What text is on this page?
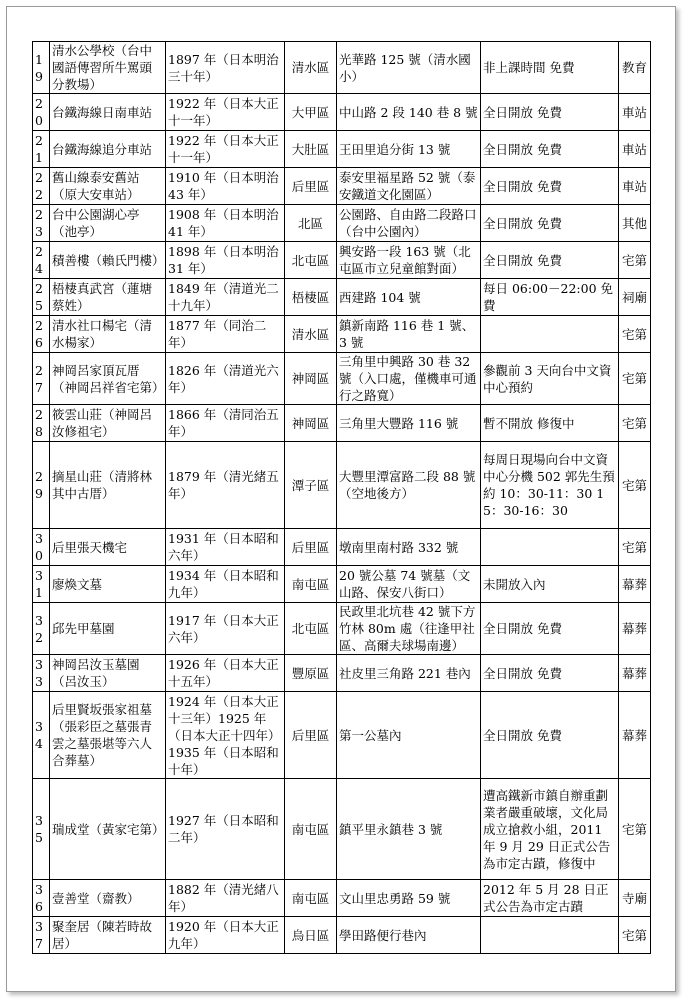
19	清水公學校（台中國語傳習所牛罵頭分教場）	1897 年（日本明治三十年）	清水區	光華路 125 號（清水國小）	非上課時間 免費	教育
20	台鐵海線日南車站	1922 年（日本大正十一年）	大甲區	中山路 2 段 140 巷 8 號	全日開放 免費	車站
21	台鐵海線追分車站	1922 年（日本大正十一年）	大肚區	王田里追分街 13 號	全日開放 免費	車站
22	舊山線泰安舊站（原大安車站）	1910 年（日本明治 43 年）	后里區	泰安里福星路 52 號（泰安鐵道文化園區）	全日開放 免費	車站
23	台中公園湖心亭（池亭）	1908 年（日本明治 41 年）	北區	公園路、自由路二段路口（台中公園內）	全日開放 免費	其他
24	積善樓（賴氏門樓）	1898 年（日本明治 31 年）	北屯區	興安路一段 163 號（北屯區市立兒童館對面）	全日開放 免費	宅第
25	梧棲真武宮（蓮塘蔡姓）	1849 年（清道光二十九年）	梧棲區	西建路 104 號	每日 06:00－22:00 免費	祠廟
26	清水社口楊宅（清水楊家）	1877 年（同治二年）	清水區	鎮新南路 116 巷 1 號、3 號		宅第
27	神岡呂家頂瓦厝（神岡呂祥省宅第）	1826 年（清道光六年）	神岡區	三角里中興路 30 巷 32 號（入口處，僅機車可通行之路寬）	參觀前 3 天向台中文資中心預約	宅第
28	筱雲山莊（神岡呂汝修祖宅）	1866 年（清同治五年）	神岡區	三角里大豐路 116 號	暫不開放 修復中	宅第
29	摘星山莊（清將林其中古厝）	1879 年（清光緒五年）	潭子區	大豐里潭富路二段 88 號（空地後方）	每周日現場向台中文資中心分機 502 郭先生預約 10：30-11：30 15：30-16：30	宅第
30	后里張天機宅	1931 年（日本昭和六年）	后里區	墩南里南村路 332 號		宅第
31	廖煥文墓	1934 年（日本昭和九年）	南屯區	20 號公墓 74 號墓（文山路、保安八街口）	未開放入內	幕葬
32	邱先甲墓園	1917 年（日本大正六年）	北屯區	民政里北坑巷 42 號下方竹林 80m 處（往逢甲社區、高爾夫球場南邊）	全日開放 免費	幕葬
33	神岡呂汝玉墓園（呂汝玉）	1926 年（日本大正十五年）	豐原區	社皮里三角路 221 巷內	全日開放 免費	幕葬
34	后里賢坂張家祖墓（張彩臣之墓張青雲之墓張堪等六人合葬墓）	1924 年（日本大正十三年）1925 年（日本大正十四年）1935 年（日本昭和十年）	后里區	第一公墓內	全日開放 免費	幕葬
35	瑞成堂（黃家宅第）	1927 年（日本昭和二年）	南屯區	鎮平里永鎮巷 3 號	遭高鐵新市鎮自辦重劃業者嚴重破壞，文化局成立搶救小組，2011 年 9 月 29 日正式公告為市定古蹟，修復中	宅第
36	壹善堂（齋教）	1882 年（清光緒八年）	南屯區	文山里忠勇路 59 號	2012 年 5 月 28 日正式公告為市定古蹟	寺廟
37	聚奎居（陳若時故居）	1920 年（日本大正九年）	烏日區	學田路便行巷內		宅第
